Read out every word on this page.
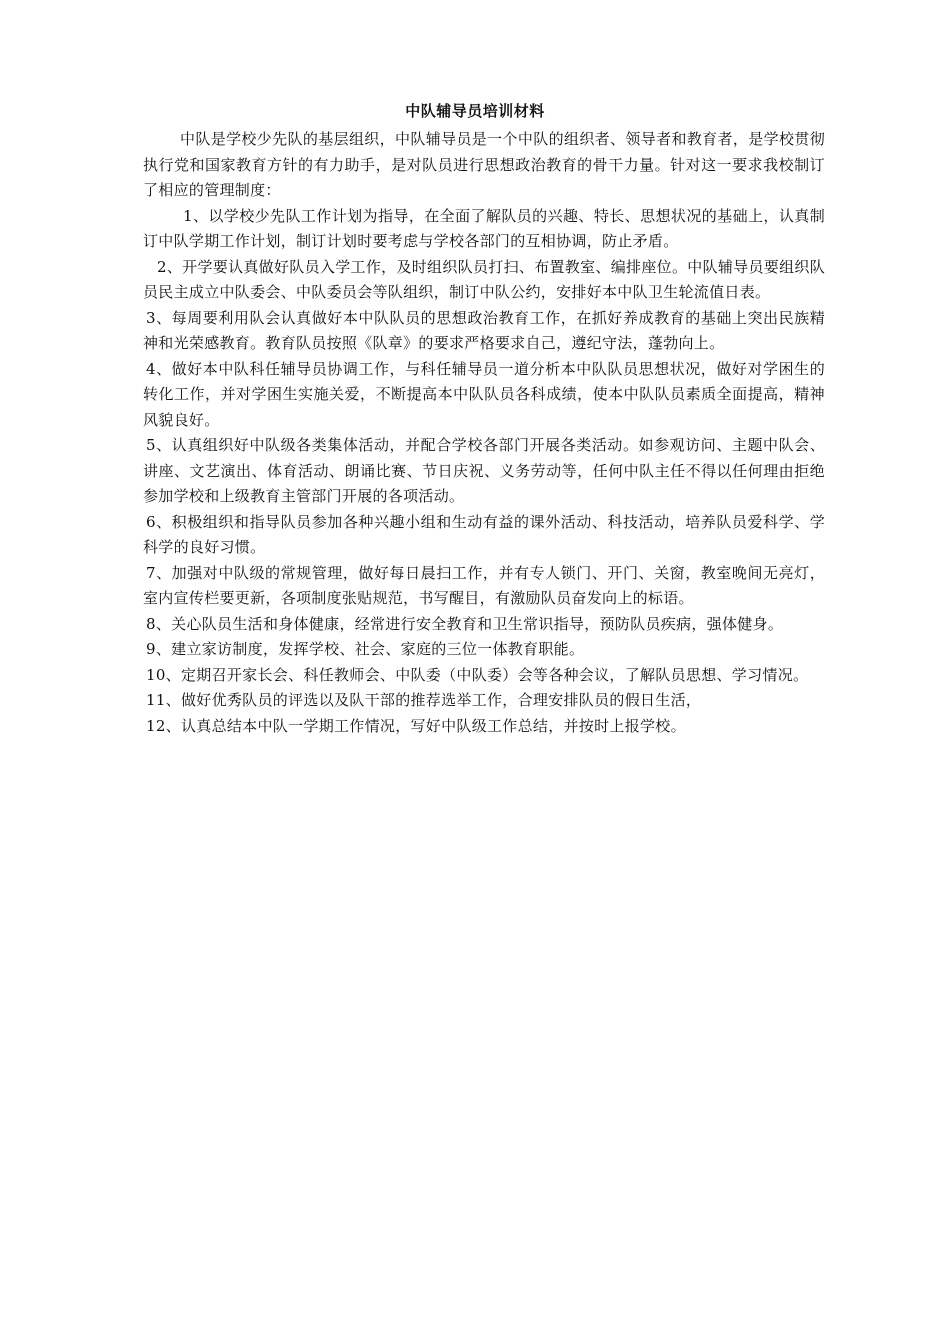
中队辅导员培训材料

中队是学校少先队的基层组织，中队辅导员是一个中队的组织者、领导者和教育者，是学校贯彻执行党和国家教育方针的有力助手，是对队员进行思想政治教育的骨干力量。针对这一要求我校制订了相应的管理制度：

1、以学校少先队工作计划为指导，在全面了解队员的兴趣、特长、思想状况的基础上，认真制订中队学期工作计划，制订计划时要考虑与学校各部门的互相协调，防止矛盾。

2、开学要认真做好队员入学工作，及时组织队员打扫、布置教室、编排座位。中队辅导员要组织队员民主成立中队委会、中队委员会等队组织，制订中队公约，安排好本中队卫生轮流值日表。

3、每周要利用队会认真做好本中队队员的思想政治教育工作，在抓好养成教育的基础上突出民族精神和光荣感教育。教育队员按照《队章》的要求严格要求自己，遵纪守法，蓬勃向上。

4、做好本中队科任辅导员协调工作，与科任辅导员一道分析本中队队员思想状况，做好对学困生的转化工作，并对学困生实施关爱，不断提高本中队队员各科成绩，使本中队队员素质全面提高，精神风貌良好。

5、认真组织好中队级各类集体活动，并配合学校各部门开展各类活动。如参观访问、主题中队会、讲座、文艺演出、体育活动、朗诵比赛、节日庆祝、义务劳动等，任何中队主任不得以任何理由拒绝参加学校和上级教育主管部门开展的各项活动。

6、积极组织和指导队员参加各种兴趣小组和生动有益的课外活动、科技活动，培养队员爱科学、学科学的良好习惯。

7、加强对中队级的常规管理，做好每日晨扫工作，并有专人锁门、开门、关窗，教室晚间无亮灯，室内宣传栏要更新，各项制度张贴规范，书写醒目，有激励队员奋发向上的标语。

8、关心队员生活和身体健康，经常进行安全教育和卫生常识指导，预防队员疾病，强体健身。

9、建立家访制度，发挥学校、社会、家庭的三位一体教育职能。

10、定期召开家长会、科任教师会、中队委（中队委）会等各种会议，了解队员思想、学习情况。

11、做好优秀队员的评选以及队干部的推荐选举工作，合理安排队员的假日生活，

12、认真总结本中队一学期工作情况，写好中队级工作总结，并按时上报学校。
